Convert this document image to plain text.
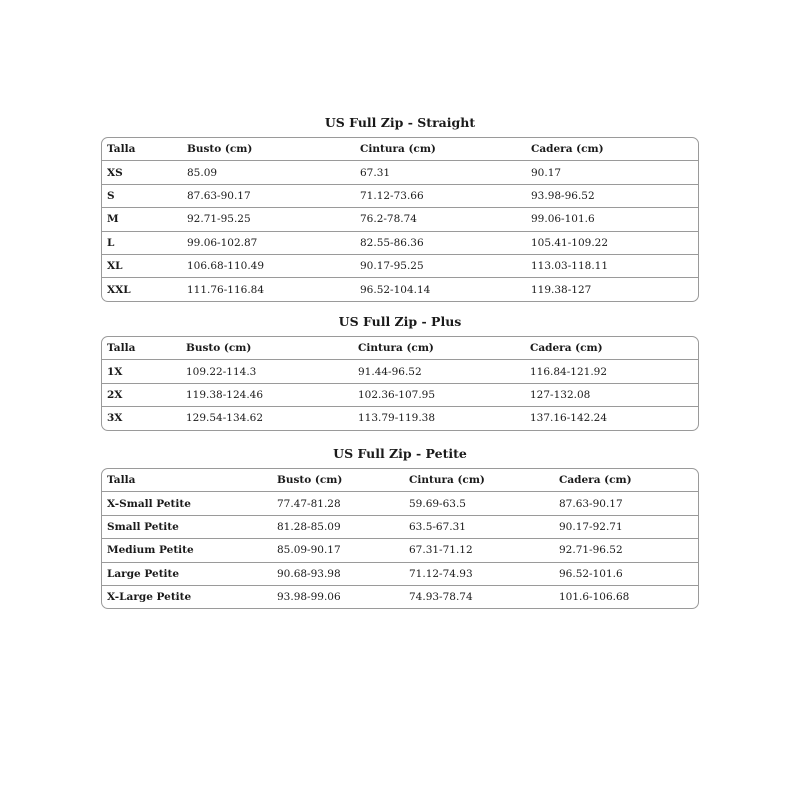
US Full Zip - Straight
Talla	Busto (cm)	Cintura (cm)	Cadera (cm)
XS	85.09	67.31	90.17
S	87.63-90.17	71.12-73.66	93.98-96.52
M	92.71-95.25	76.2-78.74	99.06-101.6
L	99.06-102.87	82.55-86.36	105.41-109.22
XL	106.68-110.49	90.17-95.25	113.03-118.11
XXL	111.76-116.84	96.52-104.14	119.38-127
US Full Zip - Plus
Talla	Busto (cm)	Cintura (cm)	Cadera (cm)
1X	109.22-114.3	91.44-96.52	116.84-121.92
2X	119.38-124.46	102.36-107.95	127-132.08
3X	129.54-134.62	113.79-119.38	137.16-142.24
US Full Zip - Petite
Talla	Busto (cm)	Cintura (cm)	Cadera (cm)
X-Small Petite	77.47-81.28	59.69-63.5	87.63-90.17
Small Petite	81.28-85.09	63.5-67.31	90.17-92.71
Medium Petite	85.09-90.17	67.31-71.12	92.71-96.52
Large Petite	90.68-93.98	71.12-74.93	96.52-101.6
X-Large Petite	93.98-99.06	74.93-78.74	101.6-106.68
